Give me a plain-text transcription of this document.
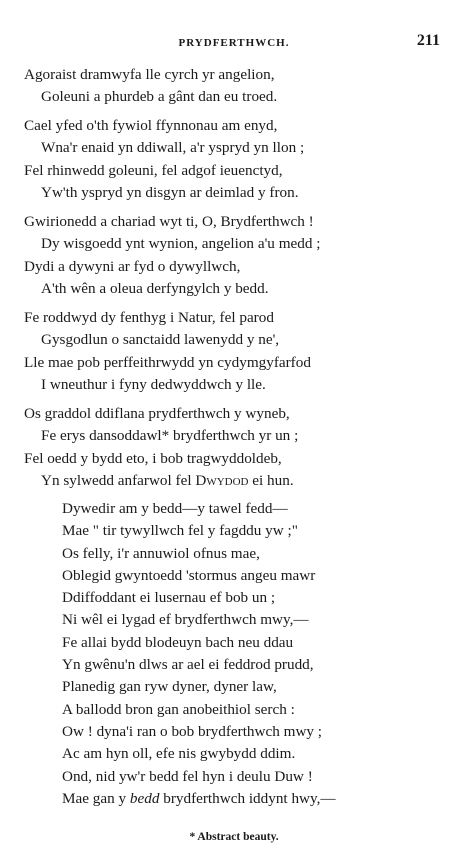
PRYDFERTHWCH.	211
Agoraist dramwyfa lle cyrch yr angelion,
Goleuni a phurdeb a gânt dan eu troed.
Cael yfed o'th fywiol ffynnonau am enyd,
Wna'r enaid yn ddiwall, a'r yspryd yn llon ;
Fel rhinwedd goleuni, fel adgof ieuenctyd,
Yw'th yspryd yn disgyn ar deimlad y fron.
Gwirionedd a chariad wyt ti, O, Brydferthwch !
Dy wisgoedd ynt wynion, angelion a'u medd ;
Dydi a dywyni ar fyd o dywyllwch,
A'th wên a oleua derfyngylch y bedd.
Fe roddwyd dy fenthyg i Natur, fel parod
Gysgodlun o sanctaidd lawenydd y ne',
Lle mae pob perffeithrwydd yn cydymgyfarfod
I wneuthur i fyny dedwyddwch y lle.
Os graddol ddiflana prydferthwch y wyneb,
Fe erys dansoddawl* brydferthwch yr un ;
Fel oedd y bydd eto, i bob tragwyddoldeb,
Yn sylwedd anfarwol fel Dwydod ei hun.
Dywedir am y bedd—y tawel fedd—
Mae " tir tywyllwch fel y fagddu yw ;"
Os felly, i'r annuwiol ofnus mae,
Oblegid gwyntoedd 'stormus angeu mawr
Ddiffoddant ei lusernau ef bob un ;
Ni wêl ei lygad ef brydferthwch mwy,—
Fe allai bydd blodeuyn bach neu ddau
Yn gwênu'n dlws ar ael ei feddrod prudd,
Planedig gan ryw dyner, dyner law,
A ballodd bron gan anobeithiol serch :
Ow ! dyna'i ran o bob brydferthwch mwy ;
Ac am hyn oll, efe nis gwybydd ddim.
Ond, nid yw'r bedd fel hyn i deulu Duw !
Mae gan y bedd brydferthwch iddynt hwy,—
* Abstract beauty.
